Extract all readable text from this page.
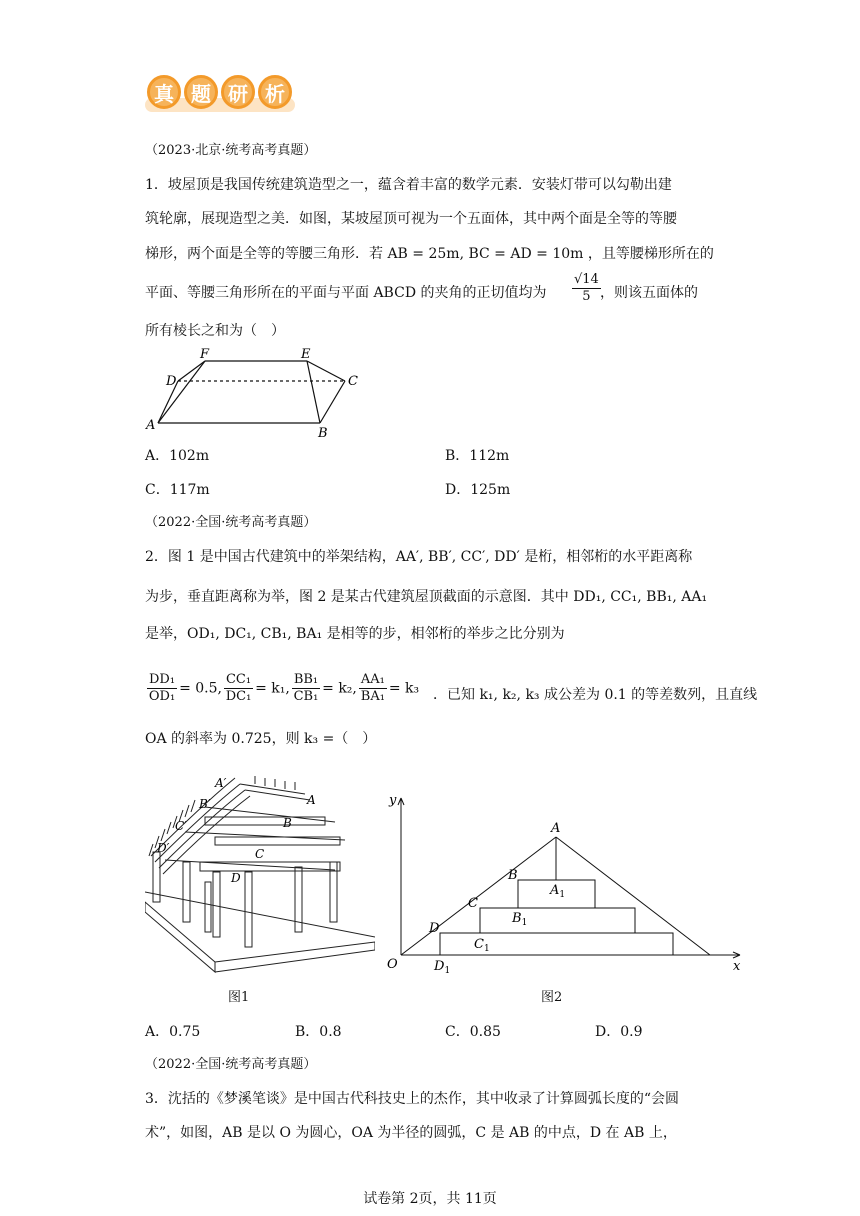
真 题 研 析
（2023·北京·统考高考真题）
1．坡屋顶是我国传统建筑造型之一，蕴含着丰富的数学元素．安装灯带可以勾勒出建
筑轮廓，展现造型之美．如图，某坡屋顶可视为一个五面体，其中两个面是全等的等腰
梯形，两个面是全等的等腰三角形．若 AB = 25m, BC = AD = 10m ，且等腰梯形所在的
平面、等腰三角形所在的平面与平面 ABCD 的夹角的正切值均为 $\frac{√14}{5}$ ，则该五面体的
所有棱长之和为（　）
F	E
D	C
A
B
A．102m	B．112m
C．117m	D．125m
（2022·全国·统考高考真题）
2．图 1 是中国古代建筑中的举架结构，AA′, BB′, CC′, DD′ 是桁，相邻桁的水平距离称
为步，垂直距离称为举，图 2 是某古代建筑屋顶截面的示意图．其中 DD₁, CC₁, BB₁, AA₁
是举，OD₁, DC₁, CB₁, BA₁ 是相等的步，相邻桁的举步之比分别为
$\frac{\text{DD₁}}{\text{OD₁}} = 0.5$, $\frac{\text{CC₁}}{\text{DC₁}} = k_1$, $\frac{\text{BB₁}}{\text{CB₁}} = k_2$, $\frac{\text{AA₁}}{\text{BA₁}} = k_3$ ．已知 k₁, k₂, k₃ 成公差为 0.1 的等差数列，且直线
OA 的斜率为 0.725，则 k₃ =（　）
A′
B′
C′
D′
A
B
C
D
图1
y
x
O
A
B
C
D
$A_1$
$B_1$
$C_1$
$D_1$
图2
A．0.75	B．0.8	C．0.85	D．0.9
（2022·全国·统考高考真题）
3．沈括的《梦溪笔谈》是中国古代科技史上的杰作，其中收录了计算圆弧长度的“会圆
术”，如图，AB 是以 O 为圆心，OA 为半径的圆弧，C 是 AB 的中点，D 在 AB 上，
试卷第 2页，共 11页
